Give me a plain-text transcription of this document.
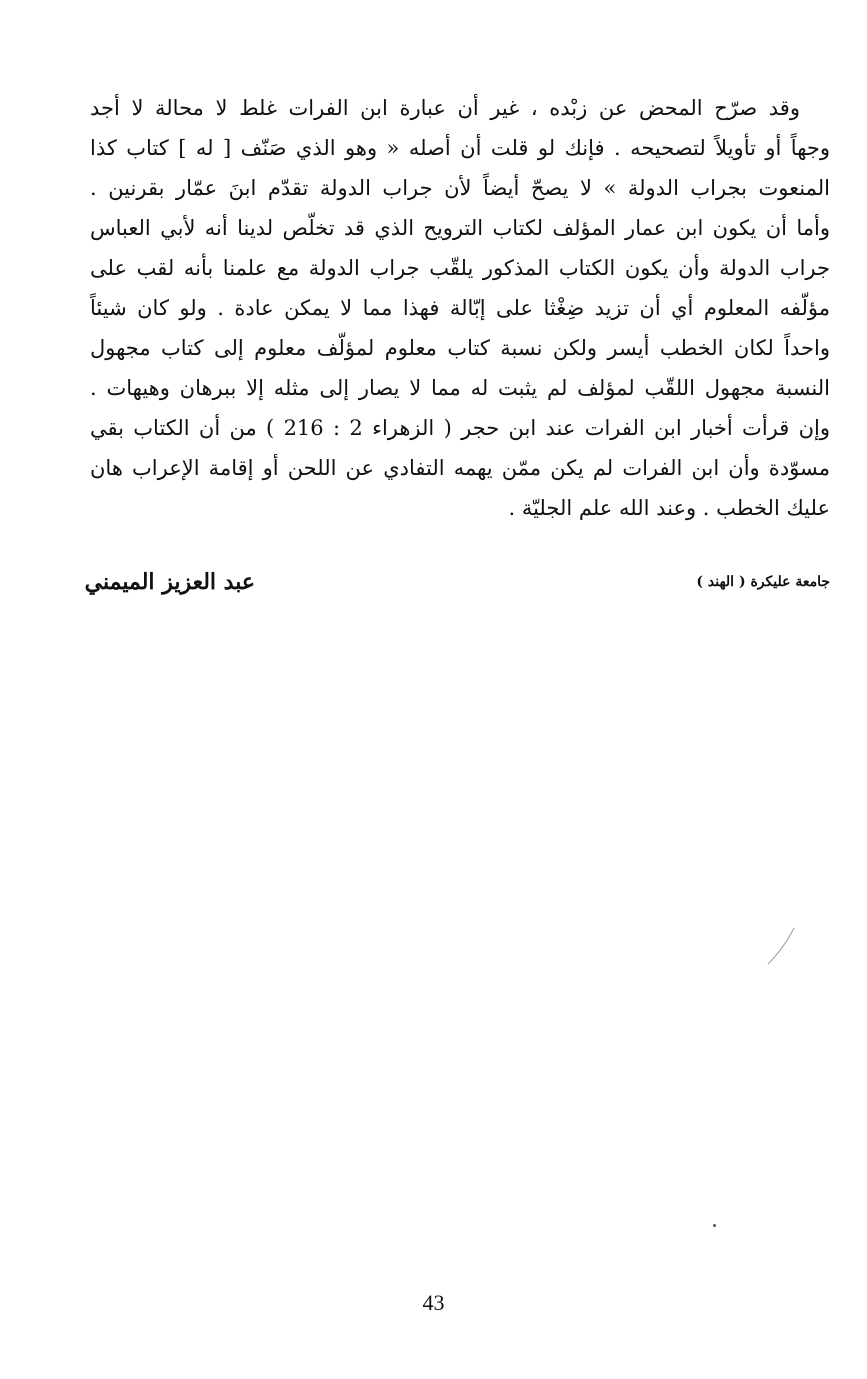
وقد صرّح المحض عن زبْده ، غير أن عبارة ابن الفرات غلط لا محالة لا أجد
وجهاً أو تأويلاً لتصحيحه . فإنك لو قلت أن أصله « وهو الذي صَنّف [ له ] كتاب كذا
المنعوت بجراب الدولة » لا يصحّ أيضاً لأن جراب الدولة تقدّم ابنَ عمّار بقرنين .
وأما أن يكون ابن عمار المؤلف لكتاب الترويح الذي قد تخلّص لدينا أنه لأبي العباس
جراب الدولة وأن يكون الكتاب المذكور يلقّب جراب الدولة مع علمنا بأنه لقب على
مؤلّفه المعلوم أي أن تزيد ضِغْثا على إبّالة فهذا مما لا يمكن عادة . ولو كان شيئاً
واحداً لكان الخطب أيسر ولكن نسبة كتاب معلوم لمؤلّف معلوم إلى كتاب مجهول
النسبة مجهول اللقّب لمؤلف لم يثبت له مما لا يصار إلى مثله إلا ببرهان وهيهات .
وإن قرأت أخبار ابن الفرات عند ابن حجر ( الزهراء 2 : 216 ) من أن الكتاب بقي
مسوّدة وأن ابن الفرات لم يكن ممّن يهمه التفادي عن اللحن أو إقامة الإعراب هان
عليك الخطب . وعند الله علم الجليّة .
عبد العزيز الميمني	جامعة عليكرة ( الهند )
43
